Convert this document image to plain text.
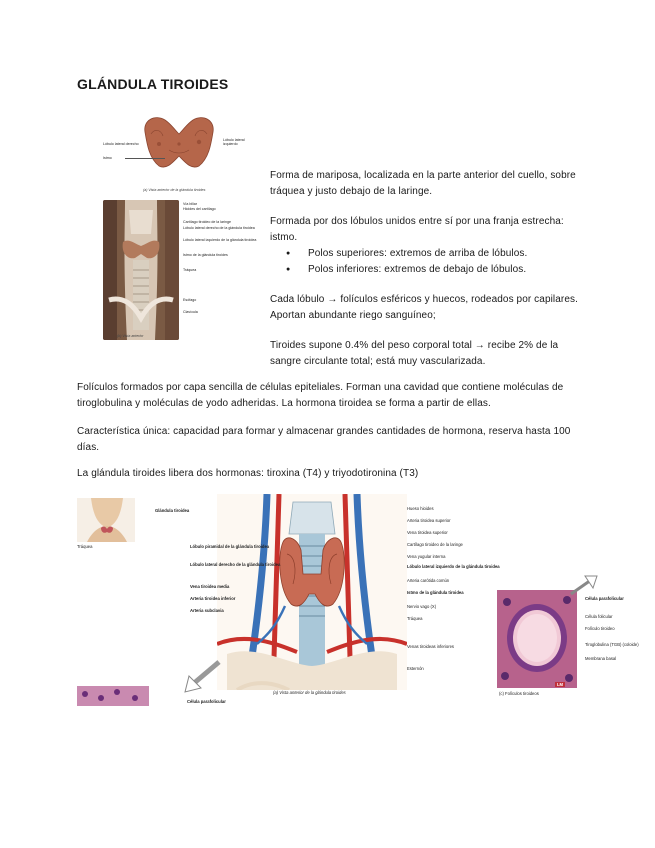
GLÁNDULA TIROIDES
Lóbulo lateral derecho
Istmo
Lóbulo lateral
izquierdo
(a) Vista anterior de la glándula tiroides
Vía biliar
Hioides del cartílago
Cartílago tiroideo de la laringe
Lóbulo lateral derecho de la glándula tiroidea
Lóbulo lateral izquierdo de la glándula tiroidea
Istmo de la glándula tiroides
Tráquea
Esófago
Clavícula
(b) Vista anterior

Forma de mariposa, localizada en la parte anterior del cuello, sobre tráquea y justo debajo de la laringe.

Formada por dos lóbulos unidos entre sí por una franja estrecha: istmo.

● Polos superiores: extremos de arriba de lóbulos.
● Polos inferiores: extremos de debajo de lóbulos.

Cada lóbulo → folículos esféricos y huecos, rodeados por capilares. Aportan abundante riego sanguíneo;

Tiroides supone 0.4% del peso corporal total → recibe 2% de la sangre circulante total; está muy vascularizada.

Folículos formados por capa sencilla de células epiteliales. Forman una cavidad que contiene moléculas de tiroglobulina y moléculas de yodo adheridas. La hormona tiroidea se forma a partir de ellas.

Característica única: capacidad para formar y almacenar grandes cantidades de hormona, reserva hasta 100 días.

La glándula tiroides libera dos hormonas: tiroxina (T4) y triyodotironina (T3)

Glándula tiroidea
Tráquea	Lóbulo piramidal de la glándula tiroidea
Lóbulo lateral derecho de la glándula tiroidea
Vena tiroidea media
Arteria tiroidea inferior
Arteria subclavia
Hueso hioides
Arteria tiroidea superior
Vena tiroidea superior
Cartílago tiroideo de la laringe
Vena yugular interna
Lóbulo lateral izquierdo de la glándula tiroidea
Arteria carótida común
Istmo de la glándula tiroidea
Nervio vago (X)
Tráquea
Venas tiroideas inferiores
Esternón
(a) Vista anterior de la glándula tiroides	(c) Folículos tiroideos
LM
Célula parafolicular
Célula folicular
Folículo tiroideo
Tiroglobulina (TGB) (coloide)
Membrana basal
Célula parafolicular
